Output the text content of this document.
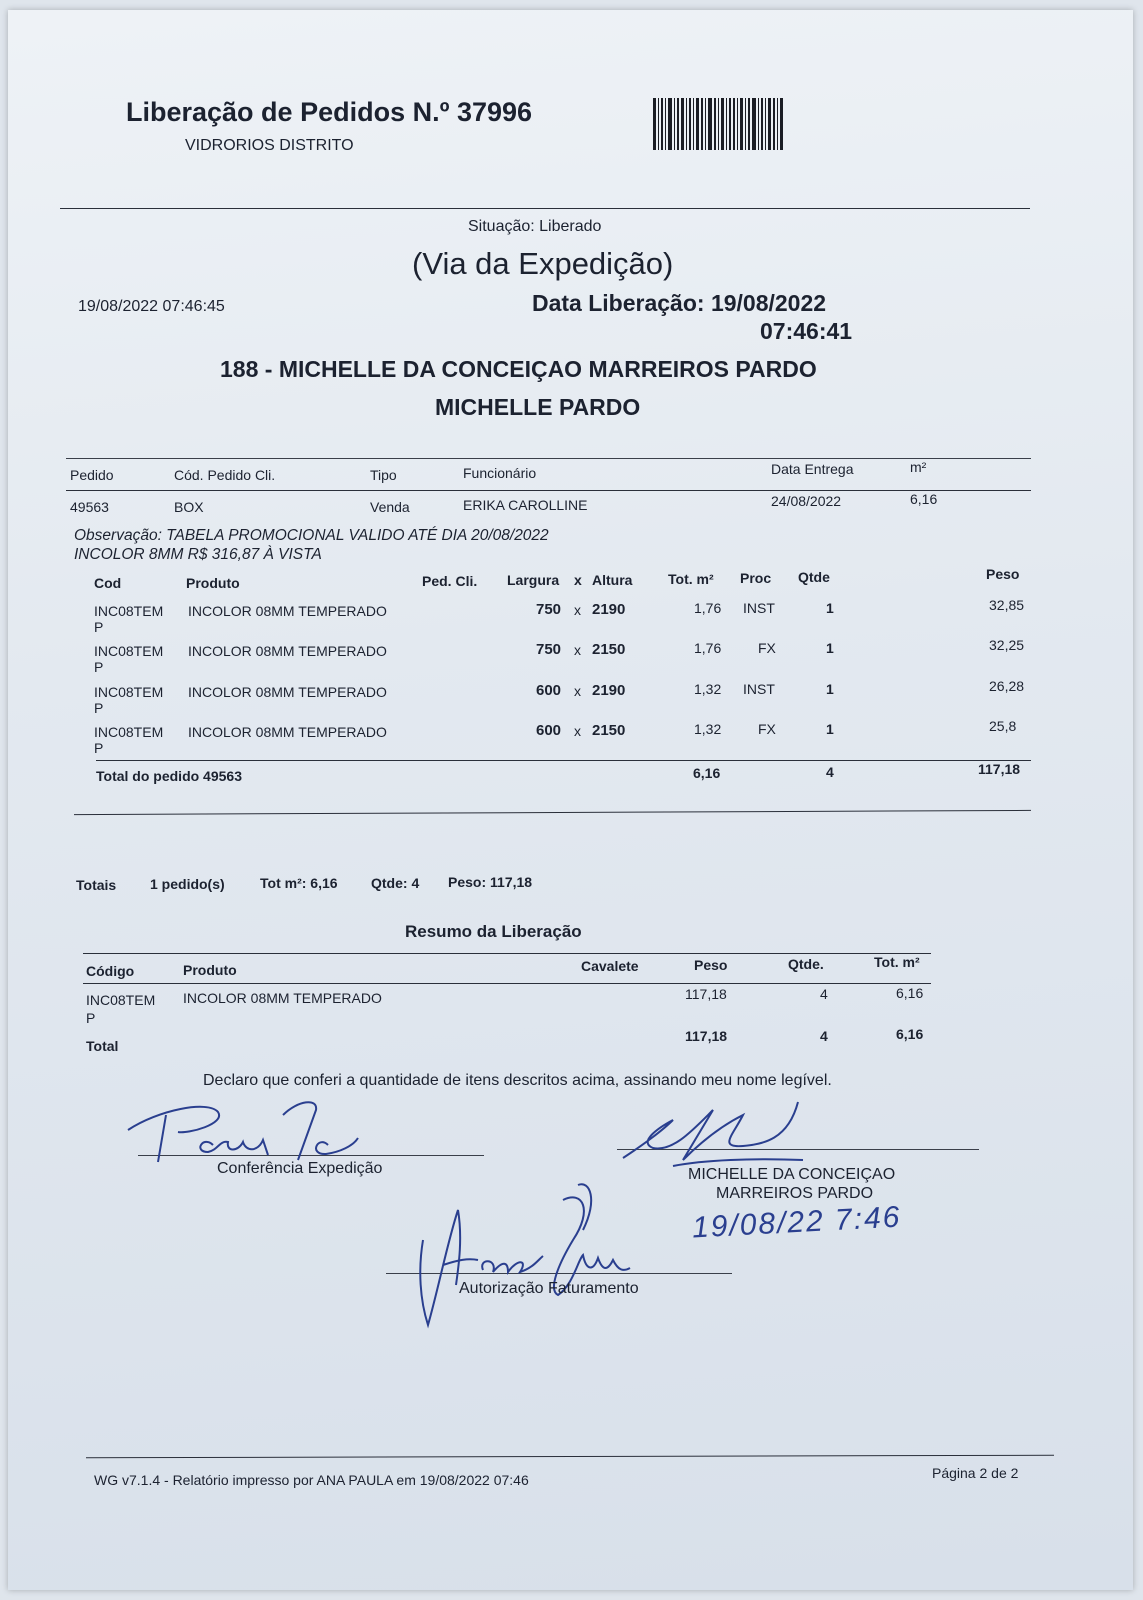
Liberação de Pedidos N.º 37996
VIDRORIOS DISTRITO
Situação: Liberado
(Via da Expedição)
19/08/2022 07:46:45	Data Liberação: 19/08/2022
07:46:41
188 - MICHELLE DA CONCEIÇAO MARREIROS PARDO
MICHELLE PARDO
Pedido	Cód. Pedido Cli.	Tipo	Funcionário	Data Entrega	m²
49563	BOX	Venda	ERIKA CAROLLINE	24/08/2022	6,16
Observação: TABELA PROMOCIONAL VALIDO ATÉ DIA 20/08/2022
INCOLOR 8MM R$ 316,87 À VISTA
Cod	Produto	Ped. Cli. Largura x Altura	Tot. m² Proc Qtde	Peso
INC08TEM
P
INCOLOR 08MM TEMPERADO	750 x 2190	1,76 INST	1	32,85
INC08TEM
P
INCOLOR 08MM TEMPERADO	750 x 2150	1,76	FX	1	32,25
INC08TEM
P
INCOLOR 08MM TEMPERADO	600 x 2190	1,32 INST	1	26,28
INC08TEM
P
INCOLOR 08MM TEMPERADO	600 x 2150	1,32	FX	1	25,8
Total do pedido 49563	6,16	4	117,18
Totais 1 pedido(s)	Tot m²: 6,16 Qtde: 4 Peso: 117,18
Resumo da Liberação
Código	Produto	Cavalete	Peso	Qtde.	Tot. m²
INC08TEM
P
INCOLOR 08MM TEMPERADO	117,18	4	6,16
Total
117,18	4	6,16
Declaro que conferi a quantidade de itens descritos acima, assinando meu nome legível.
Conferência Expedição	MICHELLE DA CONCEIÇAO
MARREIROS PARDO
19/08/22 7:46
Autorização Faturamento
WG v7.1.4 - Relatório impresso por ANA PAULA em 19/08/2022 07:46	Página 2 de 2
